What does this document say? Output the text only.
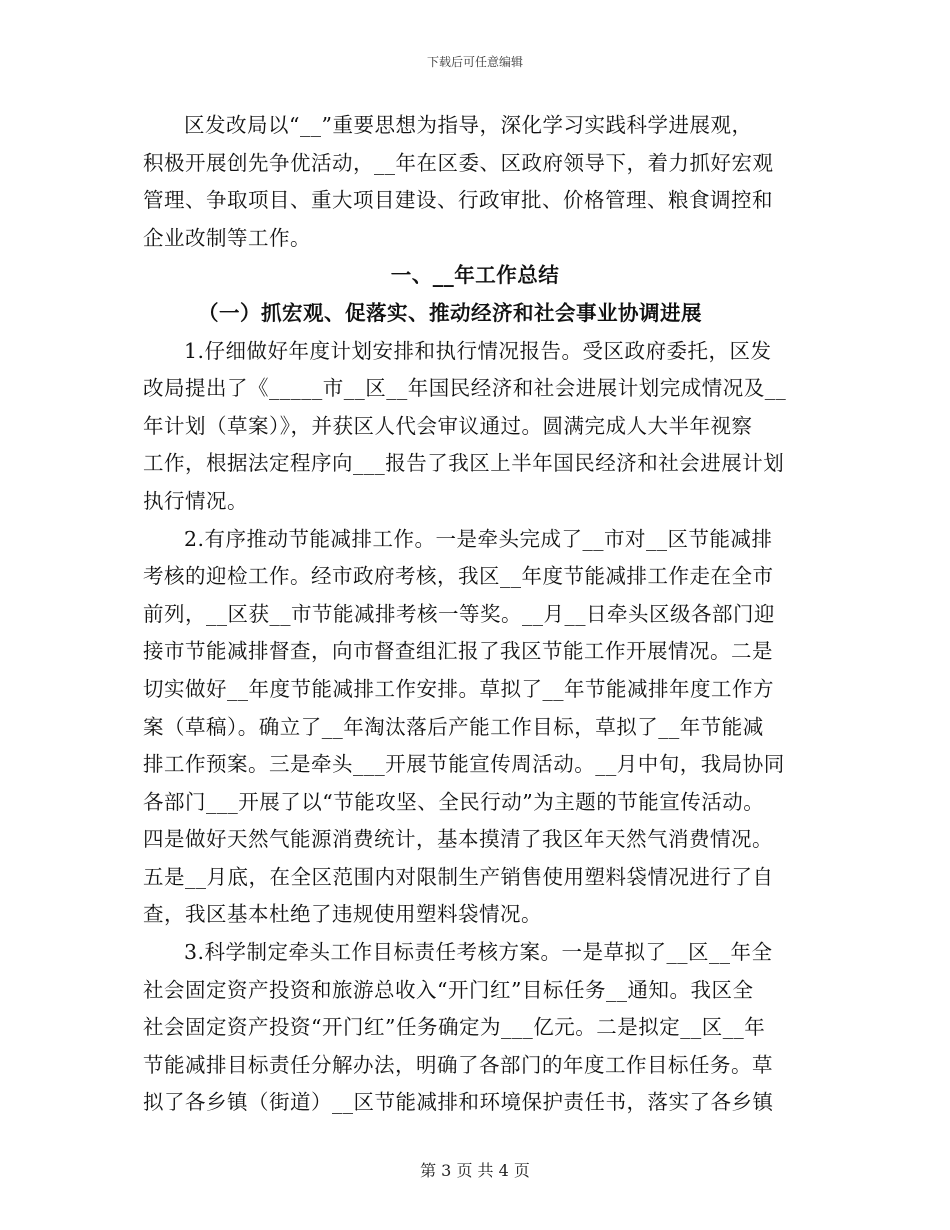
下载后可任意编辑
区发改局以“__”重要思想为指导，深化学习实践科学进展观，
积极开展创先争优活动，__年在区委、区政府领导下，着力抓好宏观
管理、争取项目、重大项目建设、行政审批、价格管理、粮食调控和
企业改制等工作。
一、__年工作总结
（一）抓宏观、促落实、推动经济和社会事业协调进展
1.仔细做好年度计划安排和执行情况报告。受区政府委托，区发
改局提出了《_____市__区__年国民经济和社会进展计划完成情况及__
年计划（草案）》，并获区人代会审议通过。圆满完成人大半年视察
工作，根据法定程序向___报告了我区上半年国民经济和社会进展计划
执行情况。
2.有序推动节能减排工作。一是牵头完成了__市对__区节能减排
考核的迎检工作。经市政府考核，我区__年度节能减排工作走在全市
前列，__区获__市节能减排考核一等奖。__月__日牵头区级各部门迎
接市节能减排督查，向市督查组汇报了我区节能工作开展情况。二是
切实做好__年度节能减排工作安排。草拟了__年节能减排年度工作方
案（草稿）。确立了__年淘汰落后产能工作目标，草拟了__年节能减
排工作预案。三是牵头___开展节能宣传周活动。__月中旬，我局协同
各部门___开展了以“节能攻坚、全民行动”为主题的节能宣传活动。
四是做好天然气能源消费统计，基本摸清了我区年天然气消费情况。
五是__月底，在全区范围内对限制生产销售使用塑料袋情况进行了自
查，我区基本杜绝了违规使用塑料袋情况。
3.科学制定牵头工作目标责任考核方案。一是草拟了__区__年全
社会固定资产投资和旅游总收入“开门红”目标任务__通知。我区全
社会固定资产投资“开门红”任务确定为___亿元。二是拟定__区__年
节能减排目标责任分解办法，明确了各部门的年度工作目标任务。草
拟了各乡镇（街道）__区节能减排和环境保护责任书，落实了各乡镇
第 3 页 共 4 页
